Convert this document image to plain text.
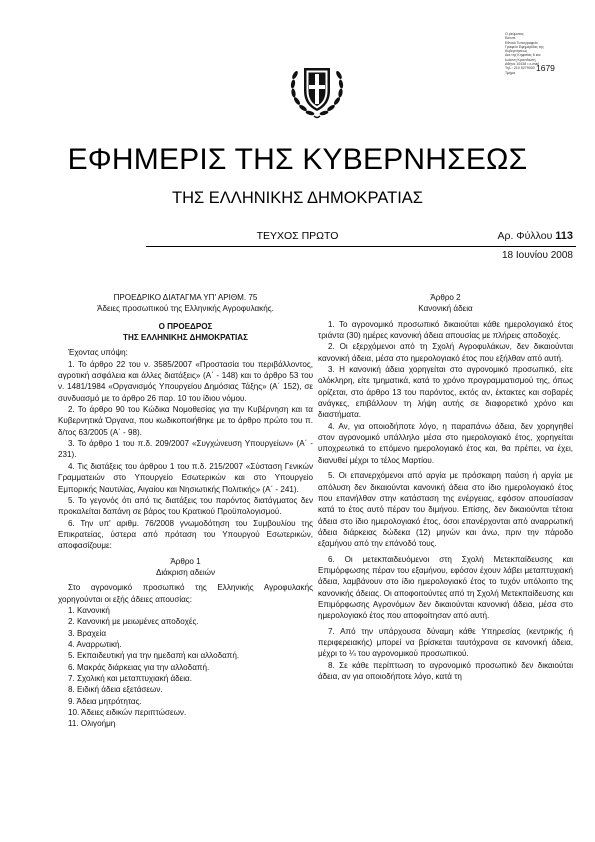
Ο ρεύματος
Εκτυπ.
Εθνικό Τυπογραφείο
Γραφείο Εφημερίδας της
Κυβερνήσεως
Δια της Κηφισίας 6 και
Ιωάννη Κρανιδιώτη
Αθήνα 10438 • ε-mail
Τηλ.: 210 5279000
Τμήμα	1679
ΕΦΗΜΕΡΙΣ ΤΗΣ ΚΥΒΕΡΝΗΣΕΩΣ
ΤΗΣ ΕΛΛΗΝΙΚΗΣ ΔΗΜΟΚΡΑΤΙΑΣ
ΤΕΥΧΟΣ ΠΡΩΤΟ	Αρ. Φύλλου 113
18 Ιουνίου 2008
ΠΡΟΕΔΡΙΚΟ ΔΙΑΤΑΓΜΑ ΥΠ' ΑΡΙΘΜ. 75
Άδειες προσωπικού της Ελληνικής Αγροφυλακής.
Ο ΠΡΟΕΔΡΟΣ
ΤΗΣ ΕΛΛΗΝΙΚΗΣ ΔΗΜΟΚΡΑΤΙΑΣ
Έχοντας υπόψη:
1. Το άρθρο 22 του ν. 3585/2007 «Προστασία του περιβάλλοντος, αγροτική ασφάλεια και άλλες διατάξεις» (Α΄ - 148) και το άρθρο 53 του ν. 1481/1984 «Οργανισμός Υπουργείου Δημόσιας Τάξης» (Α΄ 152), σε συνδυασμό με το άρθρο 26 παρ. 10 του ίδιου νόμου.
2. Το άρθρο 90 του Κώδικα Νομοθεσίας για την Κυβέρνηση και τα Κυβερνητικά Όργανα, που κωδικοποιήθηκε με το άρθρο πρώτο του π. δ/τος 63/2005 (Α΄ - 98).
3. Το άρθρο 1 του π.δ. 209/2007 «Συγχώνευση Υπουργείων» (Α΄ - 231).
4. Τις διατάξεις του άρθρου 1 του π.δ. 215/2007 «Σύσταση Γενικών Γραμματειών στο Υπουργείο Εσωτερικών και στο Υπουργείο Εμπορικής Ναυτιλίας, Αιγαίου και Νησιωτικής Πολιτικής» (Α΄ - 241).
5. Το γεγονός ότι από τις διατάξεις του παρόντος διατάγματος δεν προκαλείται δαπάνη σε βάρος του Κρατικού Προϋπολογισμού.
6. Την υπ' αριθμ. 76/2008 γνωμοδότηση του Συμβουλίου της Επικρατείας, ύστερα από πρόταση του Υπουργού Εσωτερικών, αποφασίζουμε:
Άρθρο 1
Διάκριση αδειών
Στο αγρονομικό προσωπικό της Ελληνικής Αγροφυλακής χορηγούνται οι εξής άδειες απουσίας:
1. Κανονική
2. Κανονική με μειωμένες αποδοχές.
3. Βραχεία
4. Αναρρωτική.
5. Εκπαιδευτική για την ημεδαπή και αλλοδαπή.
6. Μακράς διάρκειας για την αλλοδαπή.
7. Σχολική και μεταπτυχιακή άδεια.
8. Ειδική άδεια εξετάσεων.
9. Άδεια μητρότητας.
10. Άδειες ειδικών περιπτώσεων.
11. Ολιγοήμη
Άρθρο 2
Κανονική άδεια
1. Το αγρονομικό προσωπικό δικαιούται κάθε ημερολογιακό έτος τριάντα (30) ημέρες κανονική άδεια απουσίας με πλήρεις αποδοχές.
2. Οι εξερχόμενοι από τη Σχολή Αγροφυλάκων, δεν δικαιούνται κανονική άδεια, μέσα στο ημερολογιακό έτος που εξήλθαν από αυτή.
3. Η κανονική άδεια χορηγείται στο αγρονομικό προσωπικό, είτε ολόκληρη, είτε τμηματικά, κατά το χρόνο προγραμματισμού της, όπως ορίζεται, στο άρθρο 13 του παρόντος, εκτός αν, έκτακτες και σοβαρές ανάγκες, επιβάλλουν τη λήψη αυτής σε διαφορετικό χρόνο και διαστήματα.
4. Αν, για οποιοδήποτε λόγο, η παραπάνω άδεια, δεν χορηγηθεί στον αγρονομικό υπάλληλο μέσα στο ημερολογιακό έτος, χορηγείται υποχρεωτικά το επόμενο ημερολογιακό έτος και, θα πρέπει, να έχει, διανυθεί μέχρι το τέλος Μαρτίου.
5. Οι επανερχόμενοι από αργία με πρόσκαιρη παύση ή αργία με απόλυση δεν δικαιούνται κανονική άδεια στο ίδιο ημερολογιακό έτος που επανήλθαν στην κατάσταση της ενέργειας, εφόσον απουσίασαν κατά το έτος αυτό πέραν του διμήνου. Επίσης, δεν δικαιούνται τέτοια άδεια στο ίδιο ημερολογιακό έτος, όσοι επανέρχονται από αναρρωτική άδεια διάρκειας δώδεκα (12) μηνών και άνω, πριν την πάροδο εξαμήνου από την επάνοδό τους.
6. Οι μετεκπαιδευόμενοι στη Σχολή Μετεκπαίδευσης και Επιμόρφωσης πέραν του εξαμήνου, εφόσον έχουν λάβει μεταπτυχιακή άδεια, λαμβάνουν στο ίδιο ημερολογιακό έτος το τυχόν υπόλοιπο της κανονικής άδειας. Οι αποφοιτούντες από τη Σχολή Μετεκπαίδευσης και Επιμόρφωσης Αγρονόμων δεν δικαιούνται κανονική άδεια, μέσα στο ημερολογιακό έτος που αποφοίτησαν από αυτή.
7. Από την υπάρχουσα δύναμη κάθε Υπηρεσίας (κεντρικής ή περιφερειακής) μπορεί να βρίσκεται ταυτόχρονα σε κανονική άδεια, μέχρι το ¼ του αγρονομικού προσωπικού.
8. Σε κάθε περίπτωση το αγρονομικό προσωπικό δεν δικαιούται άδεια, αν για οποιοδήποτε λόγο, κατά τη
